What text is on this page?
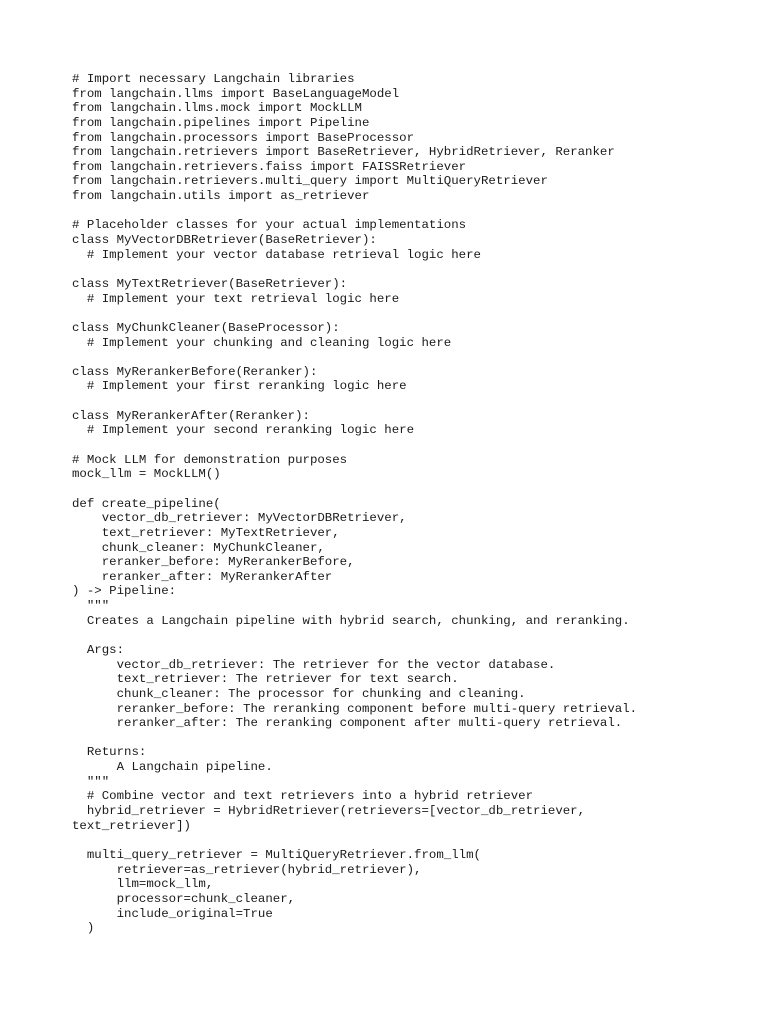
# Import necessary Langchain libraries
from langchain.llms import BaseLanguageModel
from langchain.llms.mock import MockLLM
from langchain.pipelines import Pipeline
from langchain.processors import BaseProcessor
from langchain.retrievers import BaseRetriever, HybridRetriever, Reranker
from langchain.retrievers.faiss import FAISSRetriever
from langchain.retrievers.multi_query import MultiQueryRetriever
from langchain.utils import as_retriever
# Placeholder classes for your actual implementations
class MyVectorDBRetriever(BaseRetriever):
# Implement your vector database retrieval logic here
class MyTextRetriever(BaseRetriever):
# Implement your text retrieval logic here
class MyChunkCleaner(BaseProcessor):
# Implement your chunking and cleaning logic here
class MyRerankerBefore(Reranker):
# Implement your first reranking logic here
class MyRerankerAfter(Reranker):
# Implement your second reranking logic here
# Mock LLM for demonstration purposes
mock_llm = MockLLM()
def create_pipeline(
vector_db_retriever: MyVectorDBRetriever,
text_retriever: MyTextRetriever,
chunk_cleaner: MyChunkCleaner,
reranker_before: MyRerankerBefore,
reranker_after: MyRerankerAfter
) -> Pipeline:
"""
Creates a Langchain pipeline with hybrid search, chunking, and reranking.
Args:
vector_db_retriever: The retriever for the vector database.
text_retriever: The retriever for text search.
chunk_cleaner: The processor for chunking and cleaning.
reranker_before: The reranking component before multi-query retrieval.
reranker_after: The reranking component after multi-query retrieval.
Returns:
A Langchain pipeline.
"""
# Combine vector and text retrievers into a hybrid retriever
hybrid_retriever = HybridRetriever(retrievers=[vector_db_retriever,
text_retriever])
multi_query_retriever = MultiQueryRetriever.from_llm(
retriever=as_retriever(hybrid_retriever),
llm=mock_llm,
processor=chunk_cleaner,
include_original=True
)
